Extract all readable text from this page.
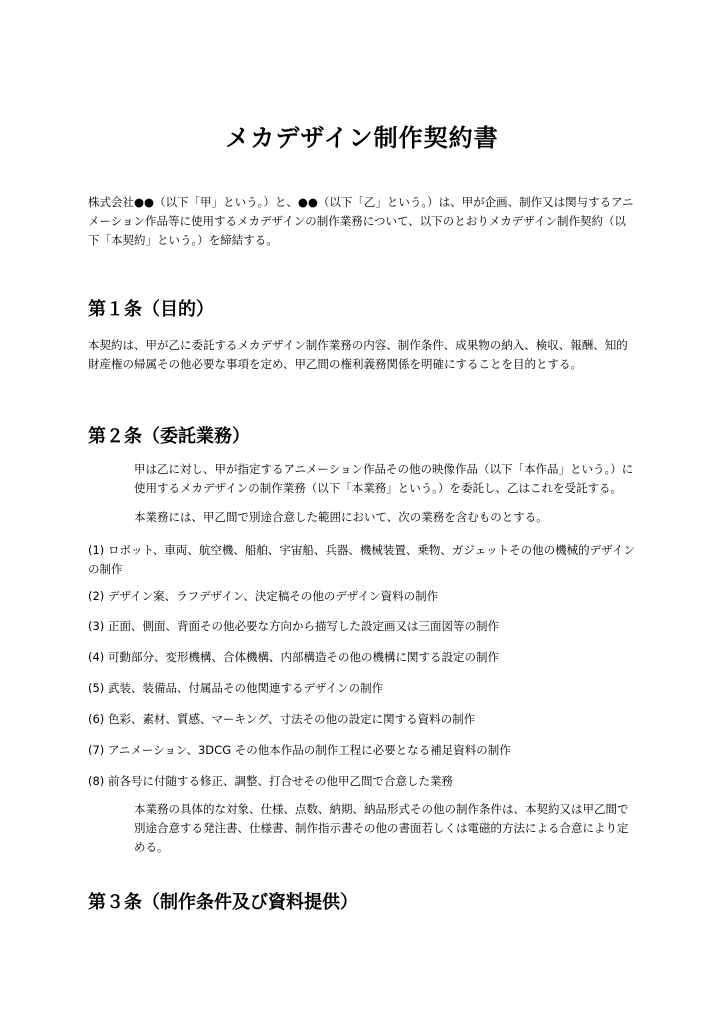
メカデザイン制作契約書

株式会社●●（以下「甲」という。）と、●●（以下「乙」という。）は、甲が企画、制作又は関与するアニメーション作品等に使用するメカデザインの制作業務について、以下のとおりメカデザイン制作契約（以下「本契約」という。）を締結する。

第１条（目的）

本契約は、甲が乙に委託するメカデザイン制作業務の内容、制作条件、成果物の納入、検収、報酬、知的財産権の帰属その他必要な事項を定め、甲乙間の権利義務関係を明確にすることを目的とする。

第２条（委託業務）

甲は乙に対し、甲が指定するアニメーション作品その他の映像作品（以下「本作品」という。）に使用するメカデザインの制作業務（以下「本業務」という。）を委託し、乙はこれを受託する。

本業務には、甲乙間で別途合意した範囲において、次の業務を含むものとする。

(1) ロボット、車両、航空機、船舶、宇宙船、兵器、機械装置、乗物、ガジェットその他の機械的デザインの制作

(2) デザイン案、ラフデザイン、決定稿その他のデザイン資料の制作

(3) 正面、側面、背面その他必要な方向から描写した設定画又は三面図等の制作

(4) 可動部分、変形機構、合体機構、内部構造その他の機構に関する設定の制作

(5) 武装、装備品、付属品その他関連するデザインの制作

(6) 色彩、素材、質感、マーキング、寸法その他の設定に関する資料の制作

(7) アニメーション、3DCG その他本作品の制作工程に必要となる補足資料の制作

(8) 前各号に付随する修正、調整、打合せその他甲乙間で合意した業務

本業務の具体的な対象、仕様、点数、納期、納品形式その他の制作条件は、本契約又は甲乙間で別途合意する発注書、仕様書、制作指示書その他の書面若しくは電磁的方法による合意により定める。

第３条（制作条件及び資料提供）
